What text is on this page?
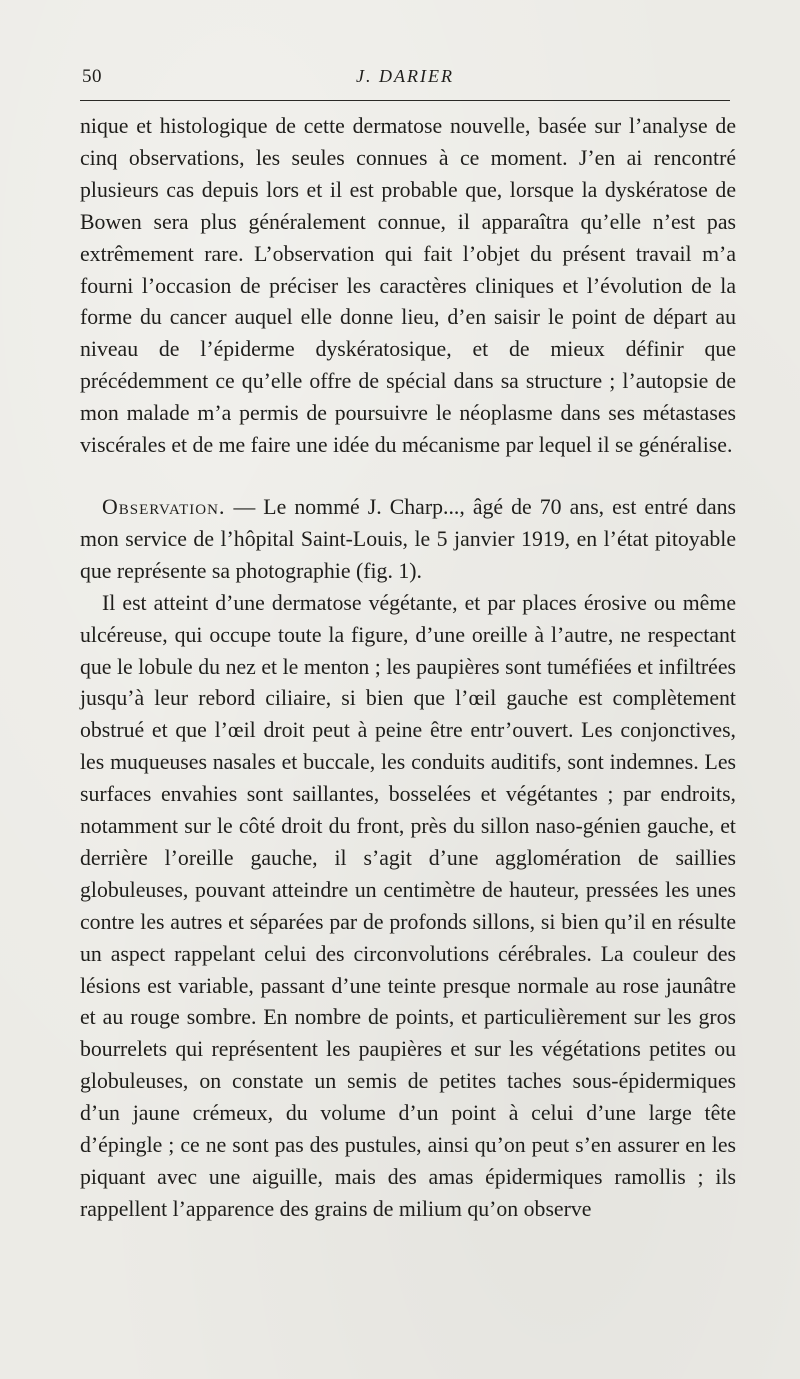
50	J. DARIER

nique et histologique de cette dermatose nouvelle, basée sur l’analyse de cinq observations, les seules connues à ce moment. J’en ai rencontré plusieurs cas depuis lors et il est probable que, lorsque la dyskératose de Bowen sera plus généralement connue, il apparaîtra qu’elle n’est pas extrêmement rare. L’observation qui fait l’objet du présent travail m’a fourni l’occasion de préciser les caractères cliniques et l’évolution de la forme du cancer auquel elle donne lieu, d’en saisir le point de départ au niveau de l’épiderme dyskératosique, et de mieux définir que précédemment ce qu’elle offre de spécial dans sa structure ; l’autopsie de mon malade m’a permis de poursuivre le néoplasme dans ses métastases viscérales et de me faire une idée du mécanisme par lequel il se généralise.

Observation. — Le nommé J. Charp..., âgé de 70 ans, est entré dans mon service de l’hôpital Saint-Louis, le 5 janvier 1919, en l’état pitoyable que représente sa photographie (fig. 1).

Il est atteint d’une dermatose végétante, et par places érosive ou même ulcéreuse, qui occupe toute la figure, d’une oreille à l’autre, ne respectant que le lobule du nez et le menton ; les paupières sont tuméfiées et infiltrées jusqu’à leur rebord ciliaire, si bien que l’œil gauche est complètement obstrué et que l’œil droit peut à peine être entr’ouvert. Les conjonctives, les muqueuses nasales et buccale, les conduits auditifs, sont indemnes. Les surfaces envahies sont saillantes, bosselées et végétantes ; par endroits, notamment sur le côté droit du front, près du sillon naso-génien gauche, et derrière l’oreille gauche, il s’agit d’une agglomération de saillies globuleuses, pouvant atteindre un centimètre de hauteur, pressées les unes contre les autres et séparées par de profonds sillons, si bien qu’il en résulte un aspect rappelant celui des circonvolutions cérébrales. La couleur des lésions est variable, passant d’une teinte presque normale au rose jaunâtre et au rouge sombre. En nombre de points, et particulièrement sur les gros bourrelets qui représentent les paupières et sur les végétations petites ou globuleuses, on constate un semis de petites taches sous-épidermiques d’un jaune crémeux, du volume d’un point à celui d’une large tête d’épingle ; ce ne sont pas des pustules, ainsi qu’on peut s’en assurer en les piquant avec une aiguille, mais des amas épidermiques ramollis ; ils rappellent l’apparence des grains de milium qu’on observe
